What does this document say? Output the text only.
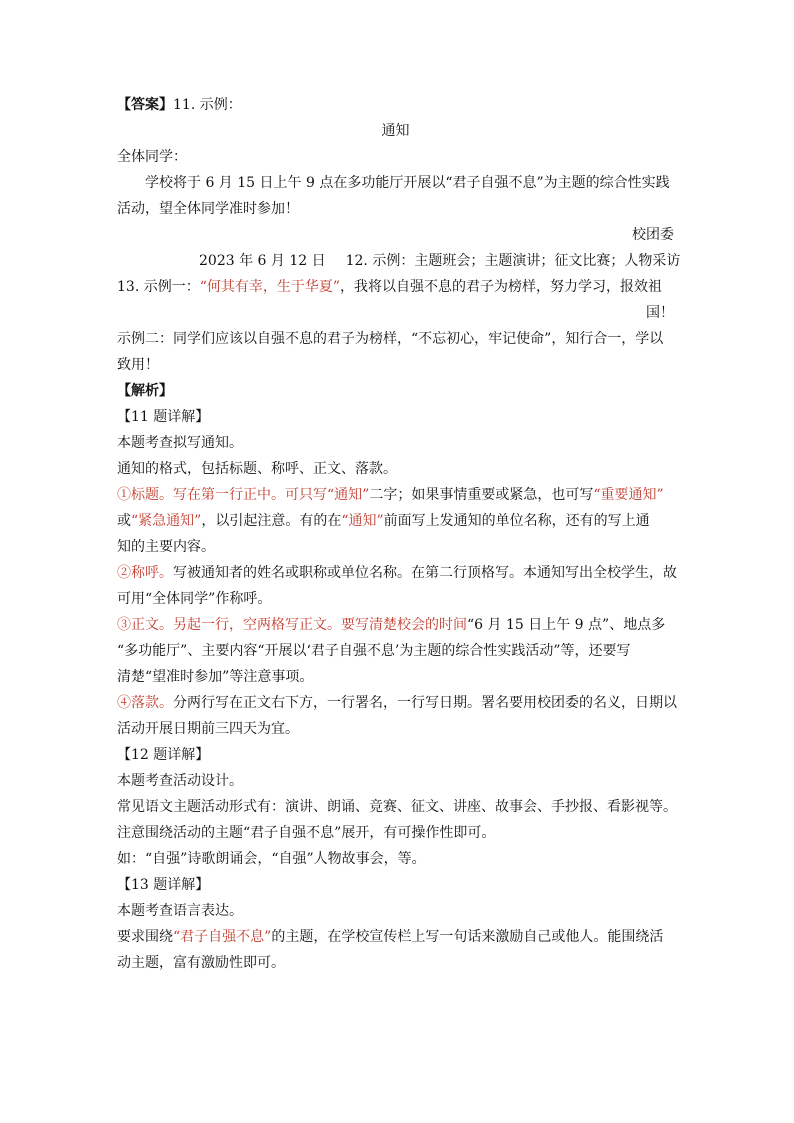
【答案】11. 示例：
通知
全体同学：
学校将于 6 月 15 日上午 9 点在多功能厅开展以“君子自强不息”为主题的综合性实践
活动，望全体同学准时参加！
校团委
2023 年 6 月 12 日 12. 示例：主题班会；主题演讲；征文比赛；人物采访
13. 示例一：“何其有幸，生于华夏”，我将以自强不息的君子为榜样，努力学习，报效祖
国！
示例二：同学们应该以自强不息的君子为榜样，“不忘初心，牢记使命”，知行合一，学以
致用！
【解析】
【11 题详解】
本题考查拟写通知。
通知的格式，包括标题、称呼、正文、落款。
①标题。写在第一行正中。可只写“通知”二字；如果事情重要或紧急，也可写“重要通知”
或“紧急通知”，以引起注意。有的在“通知”前面写上发通知的单位名称，还有的写上通
知的主要内容。
②称呼。写被通知者的姓名或职称或单位名称。在第二行顶格写。本通知写出全校学生，故
可用“全体同学”作称呼。
③正文。另起一行，空两格写正文。要写清楚校会的时间“6 月 15 日上午 9 点”、地点多
“多功能厅”、主要内容“开展以‘君子自强不息’为主题的综合性实践活动”等，还要写
清楚“望准时参加”等注意事项。
④落款。分两行写在正文右下方，一行署名，一行写日期。署名要用校团委的名义，日期以
活动开展日期前三四天为宜。
【12 题详解】
本题考查活动设计。
常见语文主题活动形式有：演讲、朗诵、竞赛、征文、讲座、故事会、手抄报、看影视等。
注意围绕活动的主题“君子自强不息”展开，有可操作性即可。
如：“自强”诗歌朗诵会，“自强”人物故事会，等。
【13 题详解】
本题考查语言表达。
要求围绕“君子自强不息”的主题，在学校宣传栏上写一句话来激励自己或他人。能围绕活
动主题，富有激励性即可。
